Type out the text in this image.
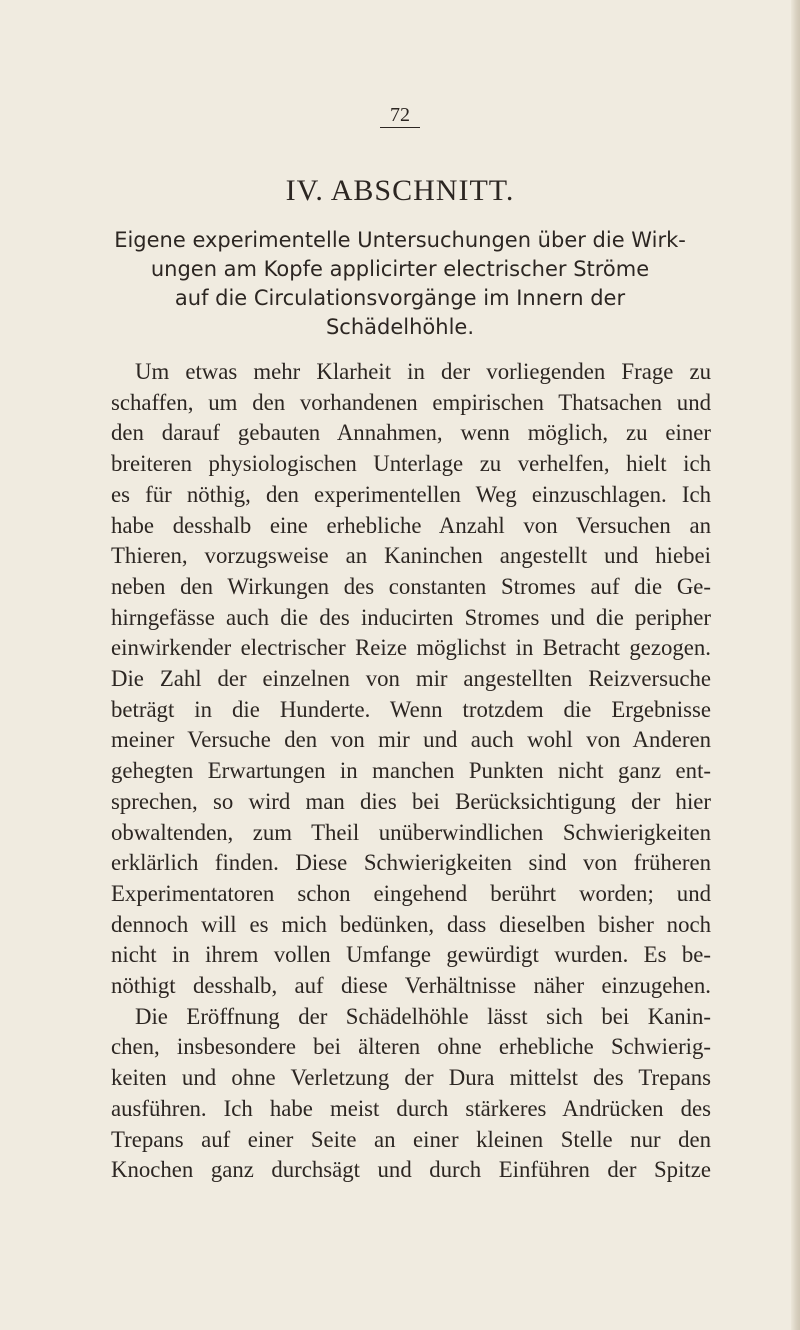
72
IV. ABSCHNITT.
Eigene experimentelle Untersuchungen über die Wirk-
ungen am Kopfe applicirter electrischer Ströme
auf die Circulationsvorgänge im Innern der
Schädelhöhle.
Um etwas mehr Klarheit in der vorliegenden Frage zu
schaffen, um den vorhandenen empirischen Thatsachen und
den darauf gebauten Annahmen, wenn möglich, zu einer
breiteren physiologischen Unterlage zu verhelfen, hielt ich
es für nöthig, den experimentellen Weg einzuschlagen. Ich
habe desshalb eine erhebliche Anzahl von Versuchen an
Thieren, vorzugsweise an Kaninchen angestellt und hiebei
neben den Wirkungen des constanten Stromes auf die Ge-
hirngefässe auch die des inducirten Stromes und die peripher
einwirkender electrischer Reize möglichst in Betracht gezogen.
Die Zahl der einzelnen von mir angestellten Reizversuche
beträgt in die Hunderte. Wenn trotzdem die Ergebnisse
meiner Versuche den von mir und auch wohl von Anderen
gehegten Erwartungen in manchen Punkten nicht ganz ent-
sprechen, so wird man dies bei Berücksichtigung der hier
obwaltenden, zum Theil unüberwindlichen Schwierigkeiten
erklärlich finden. Diese Schwierigkeiten sind von früheren
Experimentatoren schon eingehend berührt worden; und
dennoch will es mich bedünken, dass dieselben bisher noch
nicht in ihrem vollen Umfange gewürdigt wurden. Es be-
nöthigt desshalb, auf diese Verhältnisse näher einzugehen.
Die Eröffnung der Schädelhöhle lässt sich bei Kanin-
chen, insbesondere bei älteren ohne erhebliche Schwierig-
keiten und ohne Verletzung der Dura mittelst des Trepans
ausführen. Ich habe meist durch stärkeres Andrücken des
Trepans auf einer Seite an einer kleinen Stelle nur den
Knochen ganz durchsägt und durch Einführen der Spitze
